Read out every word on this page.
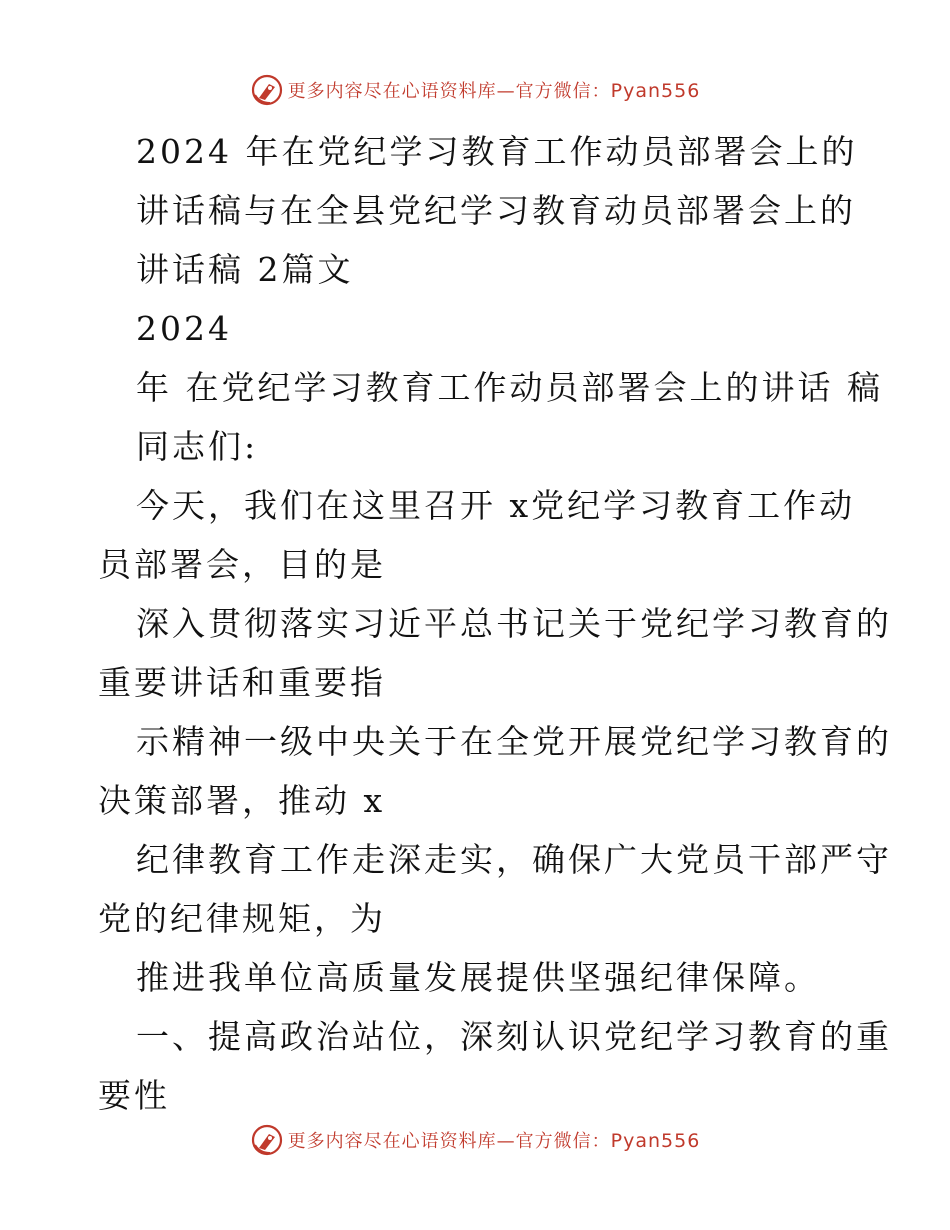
更多内容尽在心语资料库—官方微信：Pyan556
2024 年在党纪学习教育工作动员部署会上的
讲话稿与在全县党纪学习教育动员部署会上的
讲话稿 2篇文
2024
年 在党纪学习教育工作动员部署会上的讲话 稿
同志们:
今天，我们在这里召开 x党纪学习教育工作动
员部署会，目的是
深入贯彻落实习近平总书记关于党纪学习教育的
重要讲话和重要指
示精神一级中央关于在全党开展党纪学习教育的
决策部署，推动 x
纪律教育工作走深走实，确保广大党员干部严守
党的纪律规矩，为
推进我单位高质量发展提供坚强纪律保障。
一、提高政治站位，深刻认识党纪学习教育的重
要性
更多内容尽在心语资料库—官方微信：Pyan556
